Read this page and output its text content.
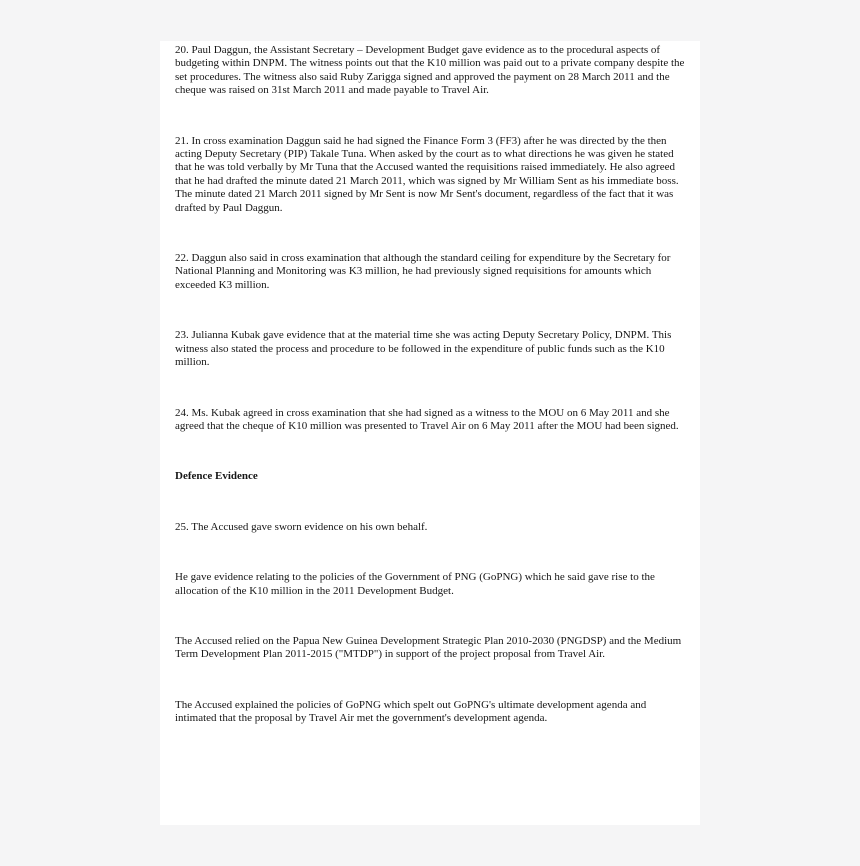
20. Paul Daggun, the Assistant Secretary – Development Budget gave evidence as to the procedural aspects of budgeting within DNPM. The witness points out that the K10 million was paid out to a private company despite the set procedures. The witness also said Ruby Zarigga signed and approved the payment on 28 March 2011 and the cheque was raised on 31st March 2011 and made payable to Travel Air.

21. In cross examination Daggun said he had signed the Finance Form 3 (FF3) after he was directed by the then acting Deputy Secretary (PIP) Takale Tuna. When asked by the court as to what directions he was given he stated that he was told verbally by Mr Tuna that the Accused wanted the requisitions raised immediately. He also agreed that he had drafted the minute dated 21 March 2011, which was signed by Mr William Sent as his immediate boss. The minute dated 21 March 2011 signed by Mr Sent is now Mr Sent's document, regardless of the fact that it was drafted by Paul Daggun.

22. Daggun also said in cross examination that although the standard ceiling for expenditure by the Secretary for National Planning and Monitoring was K3 million, he had previously signed requisitions for amounts which exceeded K3 million.

23. Julianna Kubak gave evidence that at the material time she was acting Deputy Secretary Policy, DNPM. This witness also stated the process and procedure to be followed in the expenditure of public funds such as the K10 million.

24. Ms. Kubak agreed in cross examination that she had signed as a witness to the MOU on 6 May 2011 and she agreed that the cheque of K10 million was presented to Travel Air on 6 May 2011 after the MOU had been signed.

Defence Evidence

25. The Accused gave sworn evidence on his own behalf.

He gave evidence relating to the policies of the Government of PNG (GoPNG) which he said gave rise to the allocation of the K10 million in the 2011 Development Budget.

The Accused relied on the Papua New Guinea Development Strategic Plan 2010-2030 (PNGDSP) and the Medium Term Development Plan 2011-2015 ("MTDP") in support of the project proposal from Travel Air.

The Accused explained the policies of GoPNG which spelt out GoPNG's ultimate development agenda and intimated that the proposal by Travel Air met the government's development agenda.
